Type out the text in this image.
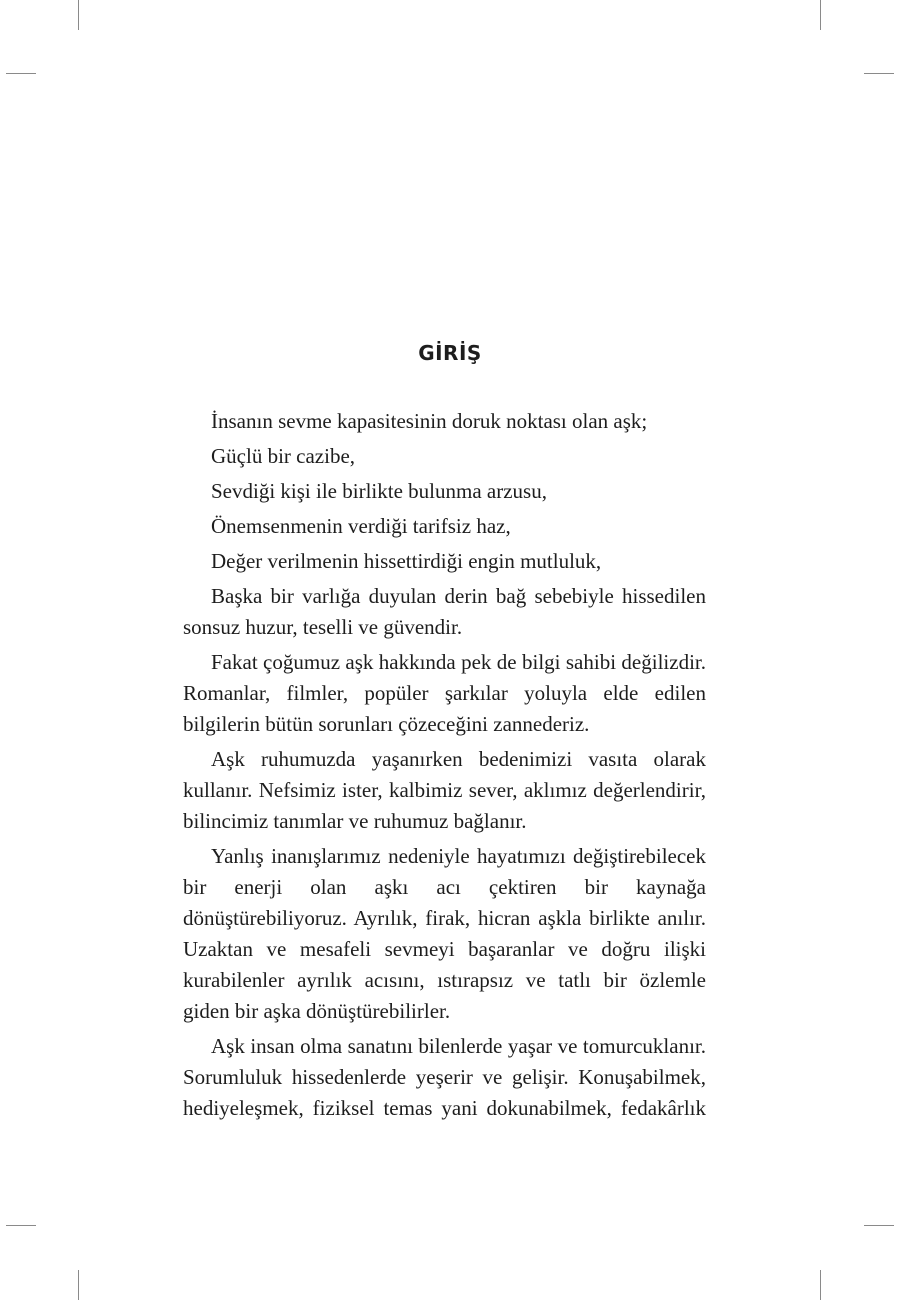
GİRİŞ

İnsanın sevme kapasitesinin doruk noktası olan aşk;

Güçlü bir cazibe,

Sevdiği kişi ile birlikte bulunma arzusu,

Önemsenmenin verdiği tarifsiz haz,

Değer verilmenin hissettirdiği engin mutluluk,

Başka bir varlığa duyulan derin bağ sebebiyle hissedilen sonsuz huzur, teselli ve güvendir.

Fakat çoğumuz aşk hakkında pek de bilgi sahibi değilizdir. Romanlar, filmler, popüler şarkılar yoluyla elde edilen bilgilerin bütün sorunları çözeceğini zannederiz.

Aşk ruhumuzda yaşanırken bedenimizi vasıta olarak kullanır. Nefsimiz ister, kalbimiz sever, aklımız değerlendirir, bilincimiz tanımlar ve ruhumuz bağlanır.

Yanlış inanışlarımız nedeniyle hayatımızı değiştirebilecek bir enerji olan aşkı acı çektiren bir kaynağa dönüştürebiliyoruz. Ayrılık, firak, hicran aşkla birlikte anılır. Uzaktan ve mesafeli sevmeyi başaranlar ve doğru ilişki kurabilenler ayrılık acısını, ıstırapsız ve tatlı bir özlemle giden bir aşka dönüştürebilirler.

Aşk insan olma sanatını bilenlerde yaşar ve tomurcuklanır. Sorumluluk hissedenlerde yeşerir ve gelişir. Konuşabilmek, hediyeleşmek, fiziksel temas yani dokunabilmek, fedakârlık
